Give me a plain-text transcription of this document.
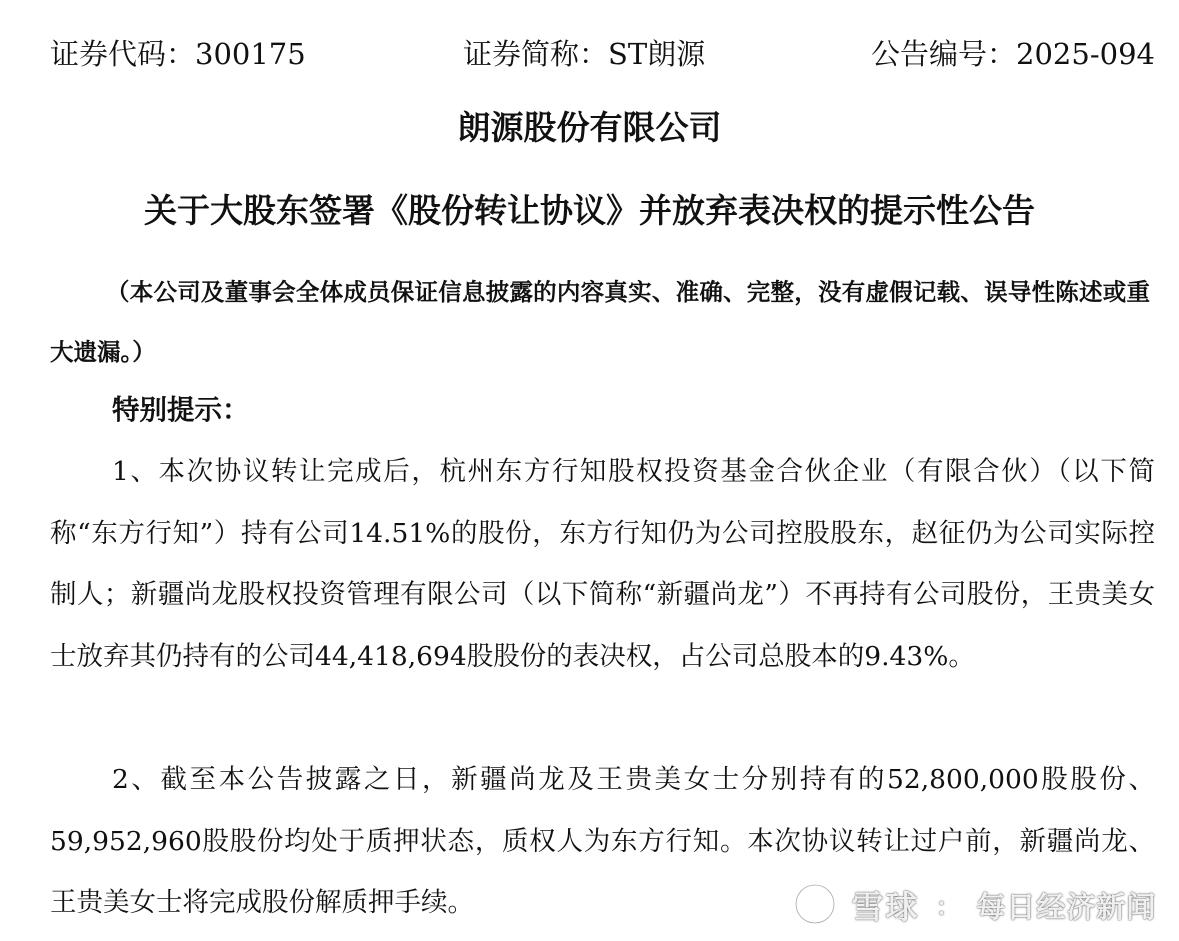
证券代码：300175	证券简称：ST朗源	公告编号：2025-094
朗源股份有限公司
关于大股东签署《股份转让协议》并放弃表决权的提示性公告
（本公司及董事会全体成员保证信息披露的内容真实、准确、完整，没有虚假记载、误导性陈述或重大遗漏。）
特别提示：
1、本次协议转让完成后，杭州东方行知股权投资基金合伙企业（有限合伙）（以下简称“东方行知”）持有公司14.51%的股份，东方行知仍为公司控股股东，赵征仍为公司实际控制人；新疆尚龙股权投资管理有限公司（以下简称“新疆尚龙”）不再持有公司股份，王贵美女士放弃其仍持有的公司44,418,694股股份的表决权，占公司总股本的9.43%。
2、截至本公告披露之日，新疆尚龙及王贵美女士分别持有的52,800,000股股份、59,952,960股股份均处于质押状态，质权人为东方行知。本次协议转让过户前，新疆尚龙、王贵美女士将完成股份解质押手续。	雪球 ： 每日经济新闻
